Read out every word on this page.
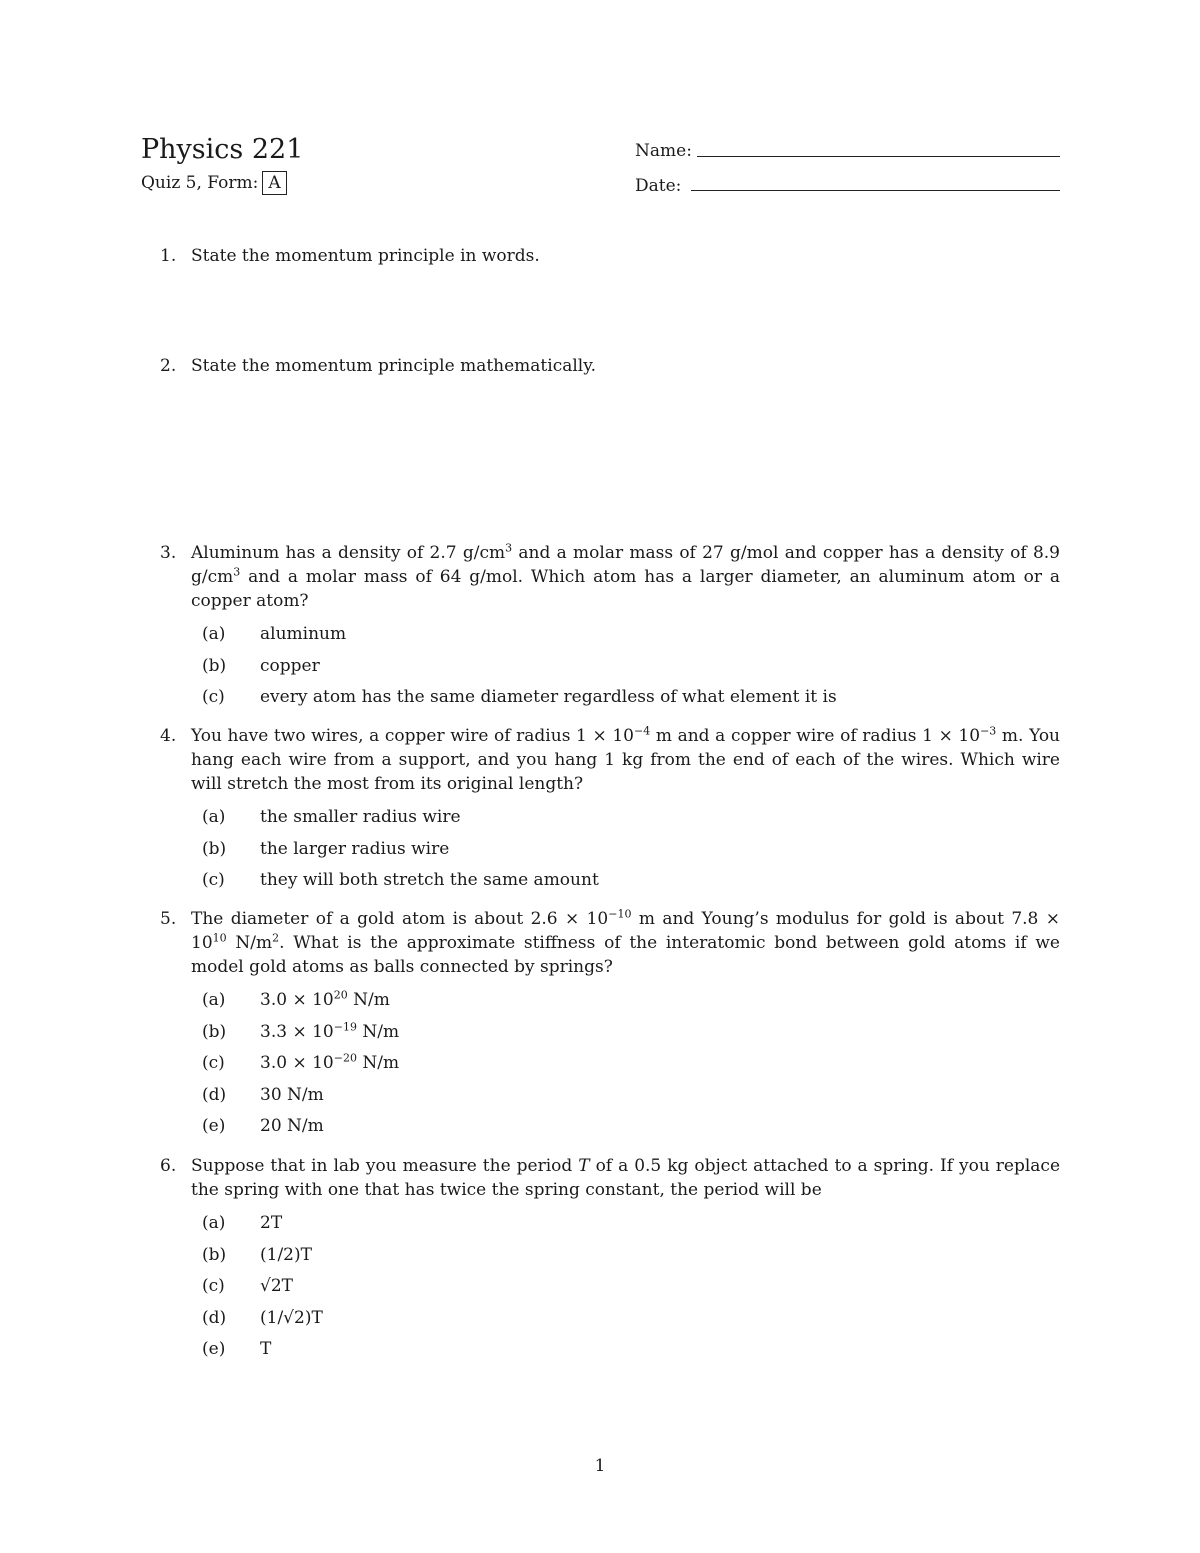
Physics 221
Quiz 5, Form: A
Name:
Date:
1. State the momentum principle in words.
2. State the momentum principle mathematically.
3. Aluminum has a density of 2.7 $g/cm^3$ and a molar mass of 27 g/mol and copper has a density of 8.9 $g/cm^3$ and a molar mass of 64 g/mol. Which atom has a larger diameter, an aluminum atom or a copper atom?
(a)	aluminum
(b)	copper
(c)	every atom has the same diameter regardless of what element it is
4. You have two wires, a copper wire of radius $1 \times 10^{-4}$ m and a copper wire of radius $1 \times 10^{-3}$ m. You hang each wire from a support, and you hang 1 kg from the end of each of the wires. Which wire will stretch the most from its original length?
(a)	the smaller radius wire
(b)	the larger radius wire
(c)	they will both stretch the same amount
5. The diameter of a gold atom is about $2.6 \times 10^{-10}$ m and Young’s modulus for gold is about $7.8 \times 10^{10}$ $N/m^2$. What is the approximate stiffness of the interatomic bond between gold atoms if we model gold atoms as balls connected by springs?
(a)	$3.0 \times 10^{20}$ N/m
(b)	$3.3 \times 10^{-19}$ N/m
(c)	$3.0 \times 10^{-20}$ N/m
(d)	30 N/m
(e)	20 N/m
6. Suppose that in lab you measure the period T of a 0.5 kg object attached to a spring. If you replace the spring with one that has twice the spring constant, the period will be
(a)	2T
(b)	(1/2)T
(c)	√2T
(d)	(1/√2)T
(e)	T
1
